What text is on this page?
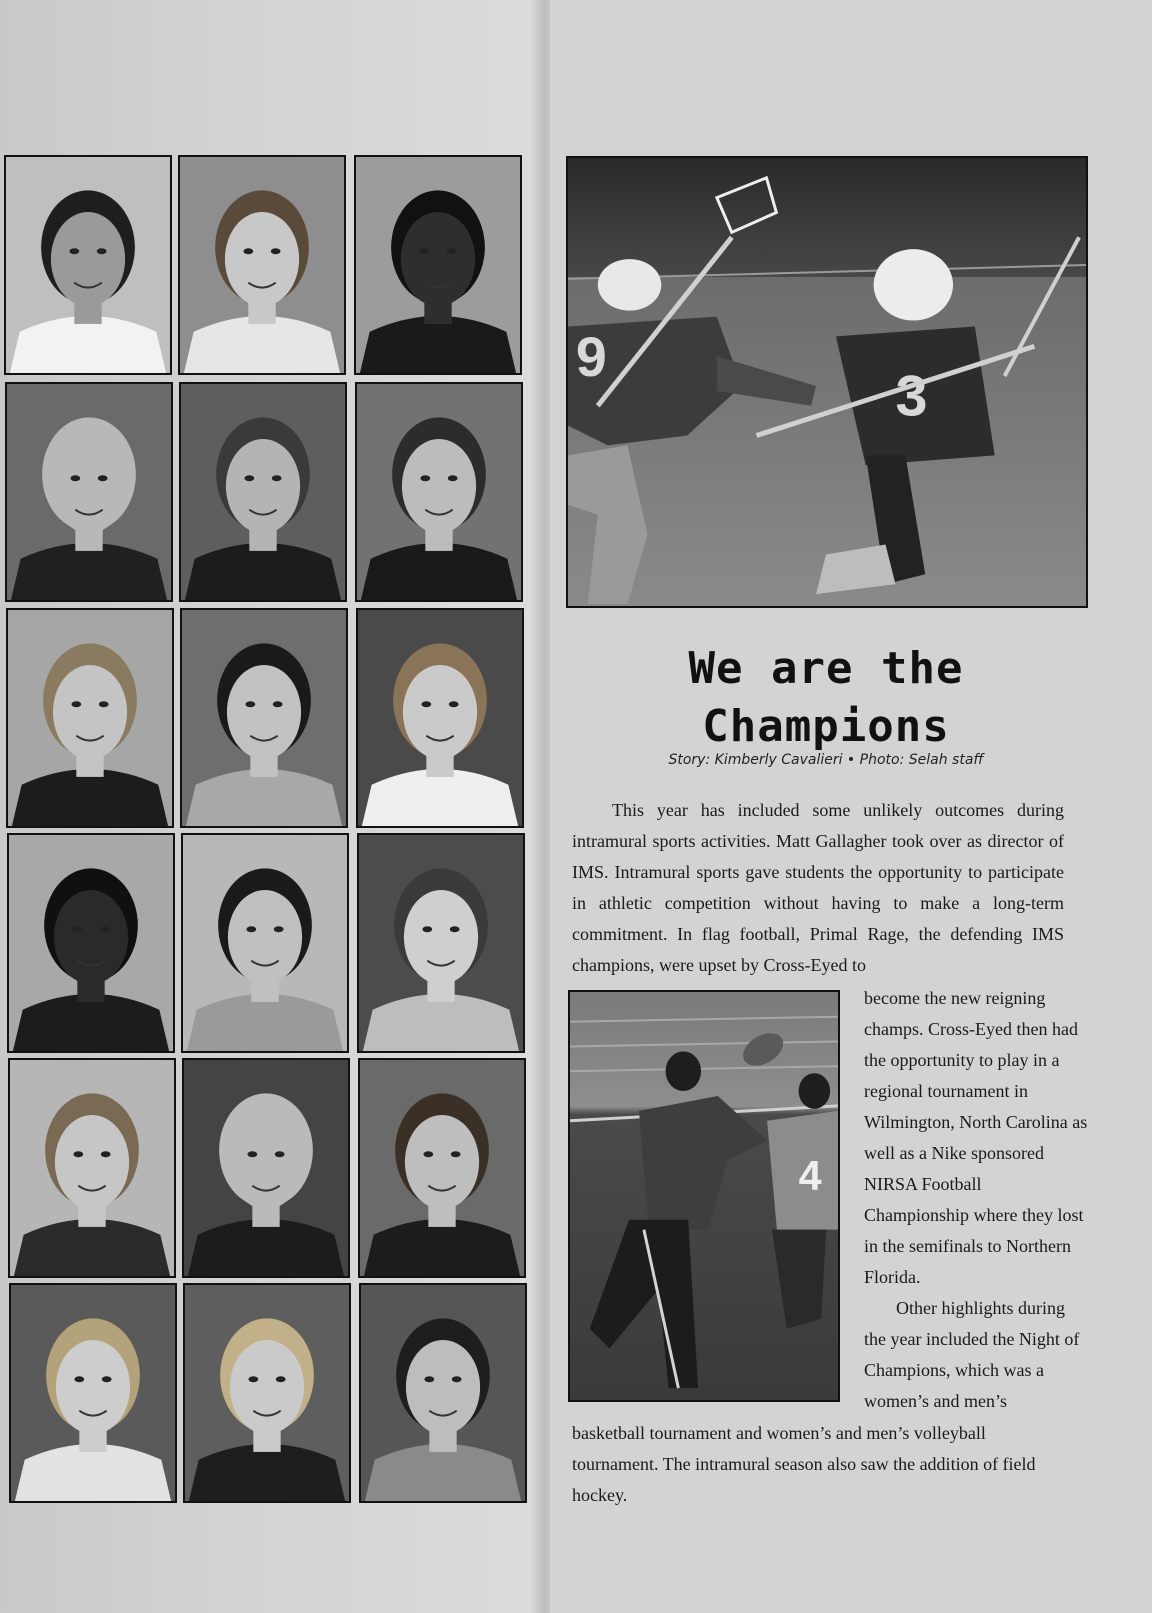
9
3
We are the
Champions
Story: Kimberly Cavalieri • Photo: Selah staff
This year has included some unlikely outcomes during intramural sports activities. Matt Gallagher took over as director of IMS. Intramural sports gave students the opportunity to participate in athletic competition without having to make a long-term commitment. In flag football, Primal Rage, the defending IMS champions, were upset by Cross-Eyed to
4

become the new reigning champs. Cross-Eyed then had the opportunity to play in a regional tournament in Wilmington, North Carolina as well as a Nike sponsored NIRSA Football Championship where they lost in the semifinals to Northern Florida.

Other highlights during the year included the Night of Champions, which was a women’s and men’s

basketball tournament and women’s and men’s volleyball tournament. The intramural season also saw the addition of field hockey.
